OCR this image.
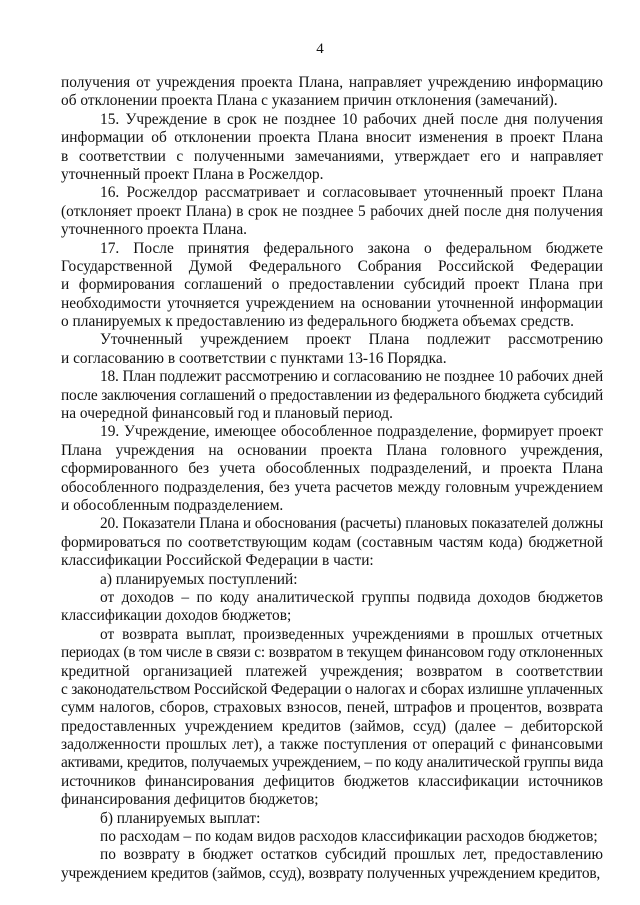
4
получения от учреждения проекта Плана, направляет учреждению информацию
об отклонении проекта Плана с указанием причин отклонения (замечаний).
15. Учреждение в срок не позднее 10 рабочих дней после дня получения
информации об отклонении проекта Плана вносит изменения в проект Плана
в соответствии с полученными замечаниями, утверждает его и направляет
уточненный проект Плана в Росжелдор.
16. Росжелдор рассматривает и согласовывает уточненный проект Плана
(отклоняет проект Плана) в срок не позднее 5 рабочих дней после дня получения
уточненного проекта Плана.
17. После принятия федерального закона о федеральном бюджете
Государственной Думой Федерального Собрания Российской Федерации
и формирования соглашений о предоставлении субсидий проект Плана при
необходимости уточняется учреждением на основании уточненной информации
о планируемых к предоставлению из федерального бюджета объемах средств.
Уточненный учреждением проект Плана подлежит рассмотрению
и согласованию в соответствии с пунктами 13-16 Порядка.
18. План подлежит рассмотрению и согласованию не позднее 10 рабочих дней
после заключения соглашений о предоставлении из федерального бюджета субсидий
на очередной финансовый год и плановый период.
19. Учреждение, имеющее обособленное подразделение, формирует проект
Плана учреждения на основании проекта Плана головного учреждения,
сформированного без учета обособленных подразделений, и проекта Плана
обособленного подразделения, без учета расчетов между головным учреждением
и обособленным подразделением.
20. Показатели Плана и обоснования (расчеты) плановых показателей должны
формироваться по соответствующим кодам (составным частям кода) бюджетной
классификации Российской Федерации в части:
а) планируемых поступлений:
от доходов – по коду аналитической группы подвида доходов бюджетов
классификации доходов бюджетов;
от возврата выплат, произведенных учреждениями в прошлых отчетных
периодах (в том числе в связи с: возвратом в текущем финансовом году отклоненных
кредитной организацией платежей учреждения; возвратом в соответствии
с законодательством Российской Федерации о налогах и сборах излишне уплаченных
сумм налогов, сборов, страховых взносов, пеней, штрафов и процентов, возврата
предоставленных учреждением кредитов (займов, ссуд) (далее – дебиторской
задолженности прошлых лет), а также поступления от операций с финансовыми
активами, кредитов, получаемых учреждением, – по коду аналитической группы вида
источников финансирования дефицитов бюджетов классификации источников
финансирования дефицитов бюджетов;
б) планируемых выплат:
по расходам – по кодам видов расходов классификации расходов бюджетов;
по возврату в бюджет остатков субсидий прошлых лет, предоставлению
учреждением кредитов (займов, ссуд), возврату полученных учреждением кредитов,
